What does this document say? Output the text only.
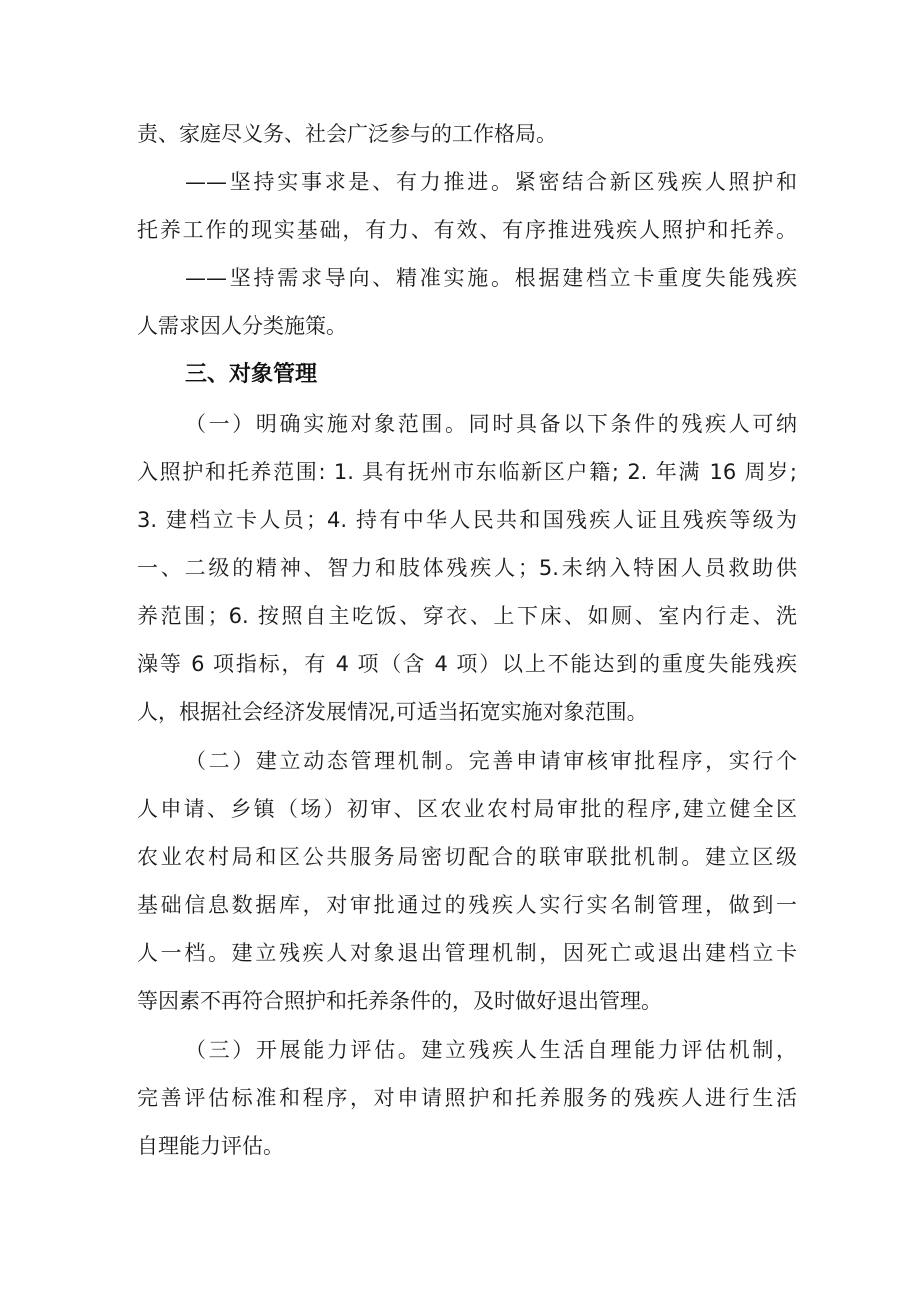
责、家庭尽义务、社会广泛参与的工作格局。
——坚持实事求是、有力推进。紧密结合新区残疾人照护和
托养工作的现实基础，有力、有效、有序推进残疾人照护和托养。
——坚持需求导向、精准实施。根据建档立卡重度失能残疾
人需求因人分类施策。
三、对象管理
（一）明确实施对象范围。同时具备以下条件的残疾人可纳
入照护和托养范围: 1. 具有抚州市东临新区户籍; 2. 年满 16 周岁;
3. 建档立卡人员；4. 持有中华人民共和国残疾人证且残疾等级为
一、二级的精神、智力和肢体残疾人；5.未纳入特困人员救助供
养范围；6. 按照自主吃饭、穿衣、上下床、如厕、室内行走、洗
澡等 6 项指标，有 4 项（含 4 项）以上不能达到的重度失能残疾
人，根据社会经济发展情况,可适当拓宽实施对象范围。
（二）建立动态管理机制。完善申请审核审批程序，实行个
人申请、乡镇（场）初审、区农业农村局审批的程序,建立健全区
农业农村局和区公共服务局密切配合的联审联批机制。建立区级
基础信息数据库，对审批通过的残疾人实行实名制管理，做到一
人一档。建立残疾人对象退出管理机制，因死亡或退出建档立卡
等因素不再符合照护和托养条件的，及时做好退出管理。
（三）开展能力评估。建立残疾人生活自理能力评估机制，
完善评估标准和程序，对申请照护和托养服务的残疾人进行生活
自理能力评估。
